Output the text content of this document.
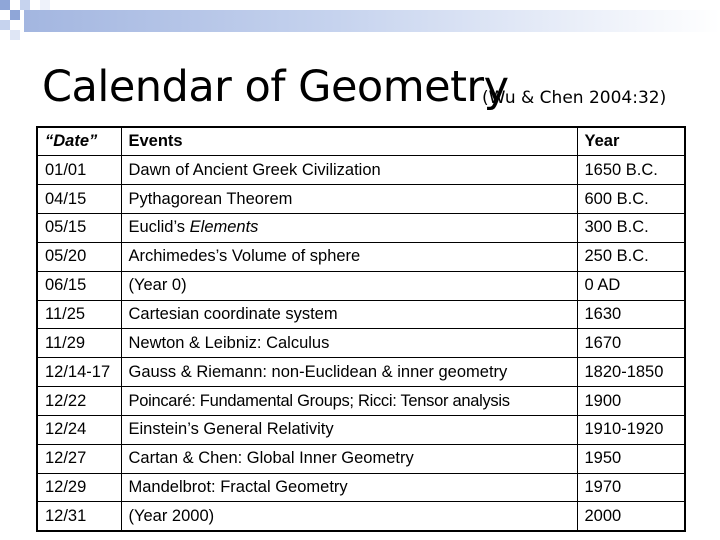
Calendar of Geometry
(Wu & Chen 2004:32)
“Date”	Events	Year
01/01	Dawn of Ancient Greek Civilization	1650 B.C.
04/15	Pythagorean Theorem	600 B.C.
05/15	Euclid’s Elements	300 B.C.
05/20	Archimedes’s Volume of sphere	250 B.C.
06/15	(Year 0)	0 AD
11/25	Cartesian coordinate system	1630
11/29	Newton & Leibniz: Calculus	1670
12/14-17	Gauss & Riemann: non-Euclidean & inner geometry	1820-1850
12/22	Poincaré: Fundamental Groups; Ricci: Tensor analysis	1900
12/24	Einstein’s General Relativity	1910-1920
12/27	Cartan & Chen: Global Inner Geometry	1950
12/29	Mandelbrot: Fractal Geometry	1970
12/31	(Year 2000)	2000
